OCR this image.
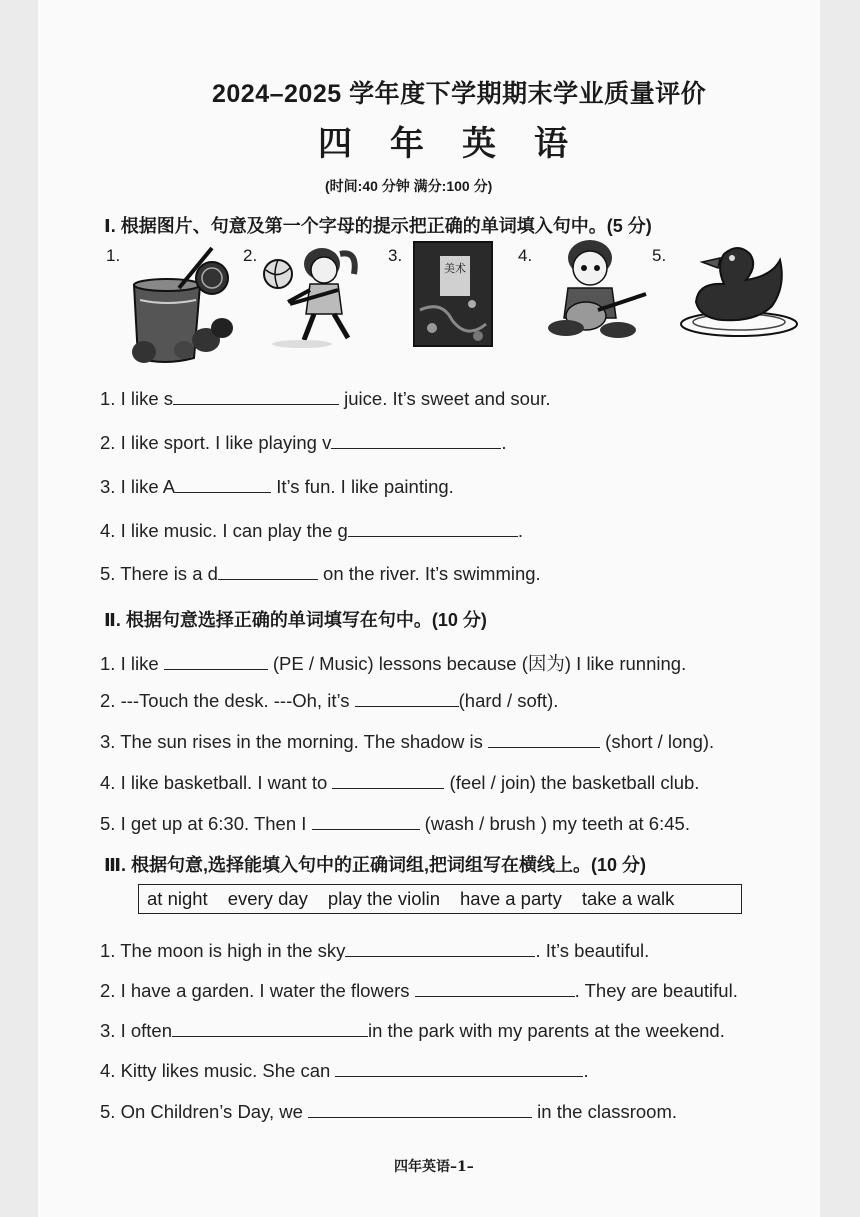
2024–2025 学年度下学期期末学业质量评价
四年英语
(时间:40 分钟 满分:100 分)
Ⅰ. 根据图片、句意及第一个字母的提示把正确的单词填入句中。(5 分)
1.	2.	3.	4.	5.
美术
1. I like s	juice. It’s sweet and sour.
2. I like sport. I like playing v	.
3. I like A	It’s fun. I like painting.
4. I like music. I can play the g	.
5. There is a d	on the river. It’s swimming.
Ⅱ. 根据句意选择正确的单词填写在句中。(10 分)
1. I like	(PE / Music) lessons because (因为) I like running.
2. ---Touch the desk. ---Oh, it’s	(hard / soft).
3. The sun rises in the morning. The shadow is	(short / long).
4. I like basketball. I want to	(feel / join) the basketball club.
5. I get up at 6:30. Then I	(wash / brush ) my teeth at 6:45.
Ⅲ. 根据句意,选择能填入句中的正确词组,把词组写在横线上。(10 分)
at night every day play the violin have a party take a walk
1. The moon is high in the sky	. It’s beautiful.
2. I have a garden. I water the flowers	. They are beautiful.
3. I often	in the park with my parents at the weekend.
4. Kitty likes music. She can	.
5. On Children’s Day, we	in the classroom.
四年英语–1–
